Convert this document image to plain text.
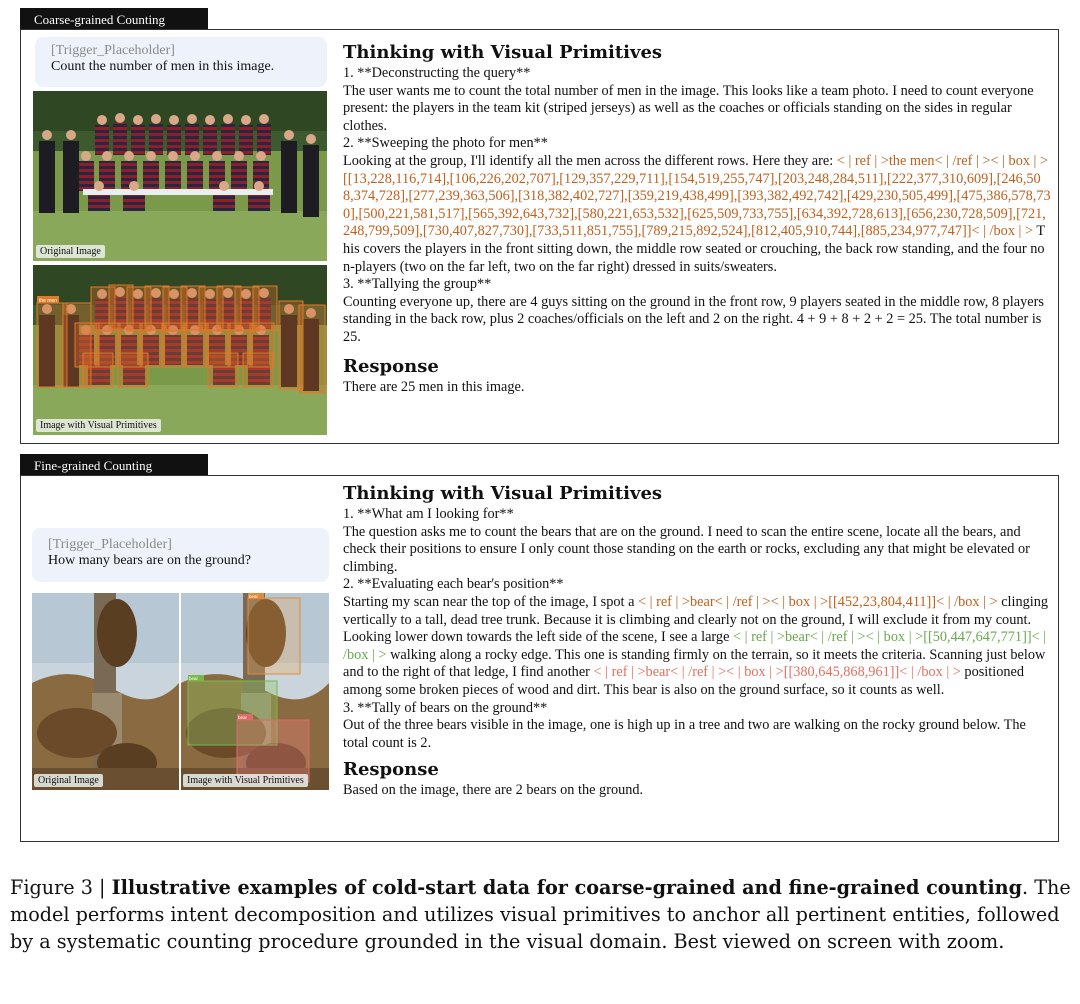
Coarse-grained Counting
[Trigger_Placeholder]
Count the number of men in this image.
Original Image
the men
Image with Visual Primitives
Thinking with Visual Primitives

1. **Deconstructing the query**

The user wants me to count the total number of men in the image. This looks like a team photo. I need to count everyone present: the players in the team kit (striped jerseys) as well as the coaches or officials standing on the sides in regular clothes.

2. **Sweeping the photo for men**

Looking at the group, I'll identify all the men across the different rows. Here they are: < | ref | >the men< | /ref | >< | box | >[[13,228,116,714],[106,226,202,707],[129,357,229,711],[154,519,255,747],[203,248,284,511],[222,377,310,609],[246,508,374,728],[277,239,363,506],[318,382,402,727],[359,219,438,499],[393,382,492,742],[429,230,505,499],[475,386,578,730],[500,221,581,517],[565,392,643,732],[580,221,653,532],[625,509,733,755],[634,392,728,613],[656,230,728,509],[721,248,799,509],[730,407,827,730],[733,511,851,755],[789,215,892,524],[812,405,910,744],[885,234,977,747]]< | /box | > This covers the players in the front sitting down, the middle row seated or crouching, the back row standing, and the four non-players (two on the far left, two on the far right) dressed in suits/sweaters.

3. **Tallying the group**

Counting everyone up, there are 4 guys sitting on the ground in the front row, 9 players seated in the middle row, 8 players standing in the back row, plus 2 coaches/officials on the left and 2 on the right. 4 + 9 + 8 + 2 + 2 = 25. The total number is 25.

Response

There are 25 men in this image.

Fine-grained Counting
[Trigger_Placeholder]
How many bears are on the ground?
Original Image
bear
bear
bear
Image with Visual Primitives
Thinking with Visual Primitives

1. **What am I looking for**

The question asks me to count the bears that are on the ground. I need to scan the entire scene, locate all the bears, and check their positions to ensure I only count those standing on the earth or rocks, excluding any that might be elevated or climbing.

2. **Evaluating each bear's position**

Starting my scan near the top of the image, I spot a < | ref | >bear< | /ref | >< | box | >[[452,23,804,411]]< | /box | > clinging vertically to a tall, dead tree trunk. Because it is climbing and clearly not on the ground, I will exclude it from my count. Looking lower down towards the left side of the scene, I see a large < | ref | >bear< | /ref | >< | box | >[[50,447,647,771]]< | /box | > walking along a rocky edge. This one is standing firmly on the terrain, so it meets the criteria. Scanning just below and to the right of that ledge, I find another < | ref | >bear< | /ref | >< | box | >[[380,645,868,961]]< | /box | > positioned among some broken pieces of wood and dirt. This bear is also on the ground surface, so it counts as well.

3. **Tally of bears on the ground**

Out of the three bears visible in the image, one is high up in a tree and two are walking on the rocky ground below. The total count is 2.

Response

Based on the image, there are 2 bears on the ground.

Figure 3 | Illustrative examples of cold-start data for coarse-grained and fine-grained counting. The model performs intent decomposition and utilizes visual primitives to anchor all pertinent entities, followed by a systematic counting procedure grounded in the visual domain. Best viewed on screen with zoom.
